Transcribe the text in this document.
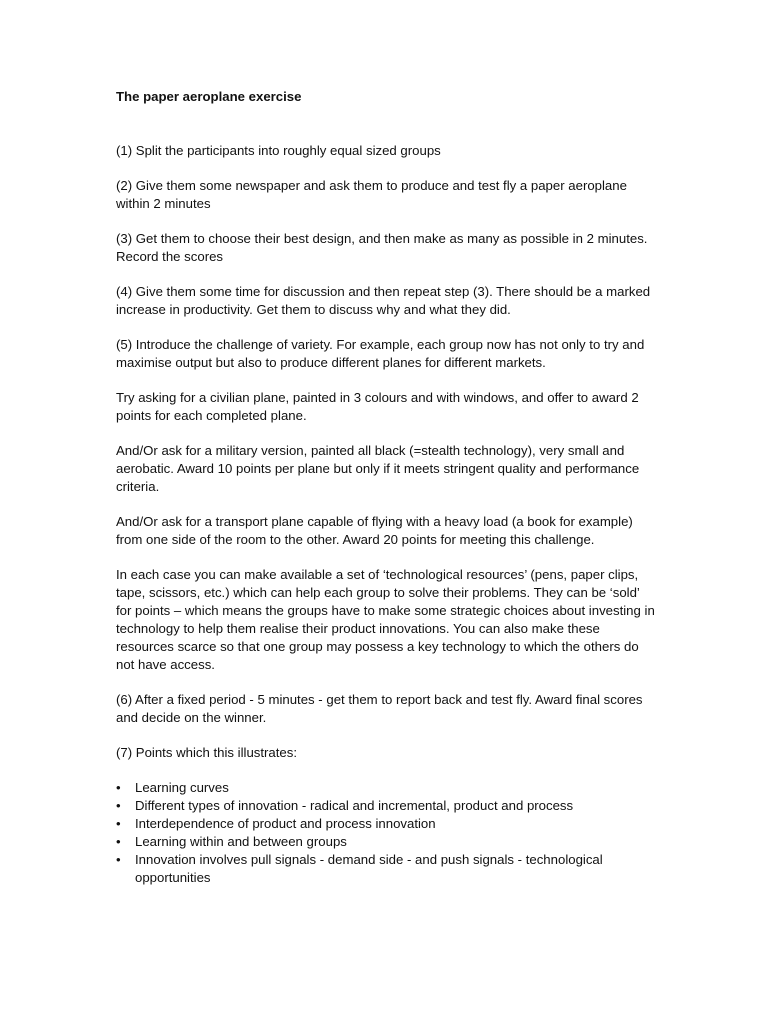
The paper aeroplane exercise

(1) Split the participants into roughly equal sized groups

(2) Give them some newspaper and ask them to produce and test fly a paper aeroplane within 2 minutes

(3) Get them to choose their best design, and then make as many as possible in 2 minutes. Record the scores

(4) Give them some time for discussion and then repeat step (3). There should be a marked increase in productivity. Get them to discuss why and what they did.

(5) Introduce the challenge of variety. For example, each group now has not only to try and maximise output but also to produce different planes for different markets.

Try asking for a civilian plane, painted in 3 colours and with windows, and offer to award 2 points for each completed plane.

And/Or ask for a military version, painted all black (=stealth technology), very small and aerobatic. Award 10 points per plane but only if it meets stringent quality and performance criteria.

And/Or ask for a transport plane capable of flying with a heavy load (a book for example) from one side of the room to the other. Award 20 points for meeting this challenge.

In each case you can make available a set of ‘technological resources’ (pens, paper clips, tape, scissors, etc.) which can help each group to solve their problems. They can be ‘sold’ for points – which means the groups have to make some strategic choices about investing in technology to help them realise their product innovations. You can also make these resources scarce so that one group may possess a key technology to which the others do not have access.

(6) After a fixed period - 5 minutes - get them to report back and test fly. Award final scores and decide on the winner.

(7) Points which this illustrates:

• Learning curves
• Different types of innovation - radical and incremental, product and process
• Interdependence of product and process innovation
• Learning within and between groups
• Innovation involves pull signals - demand side - and push signals - technological opportunities
